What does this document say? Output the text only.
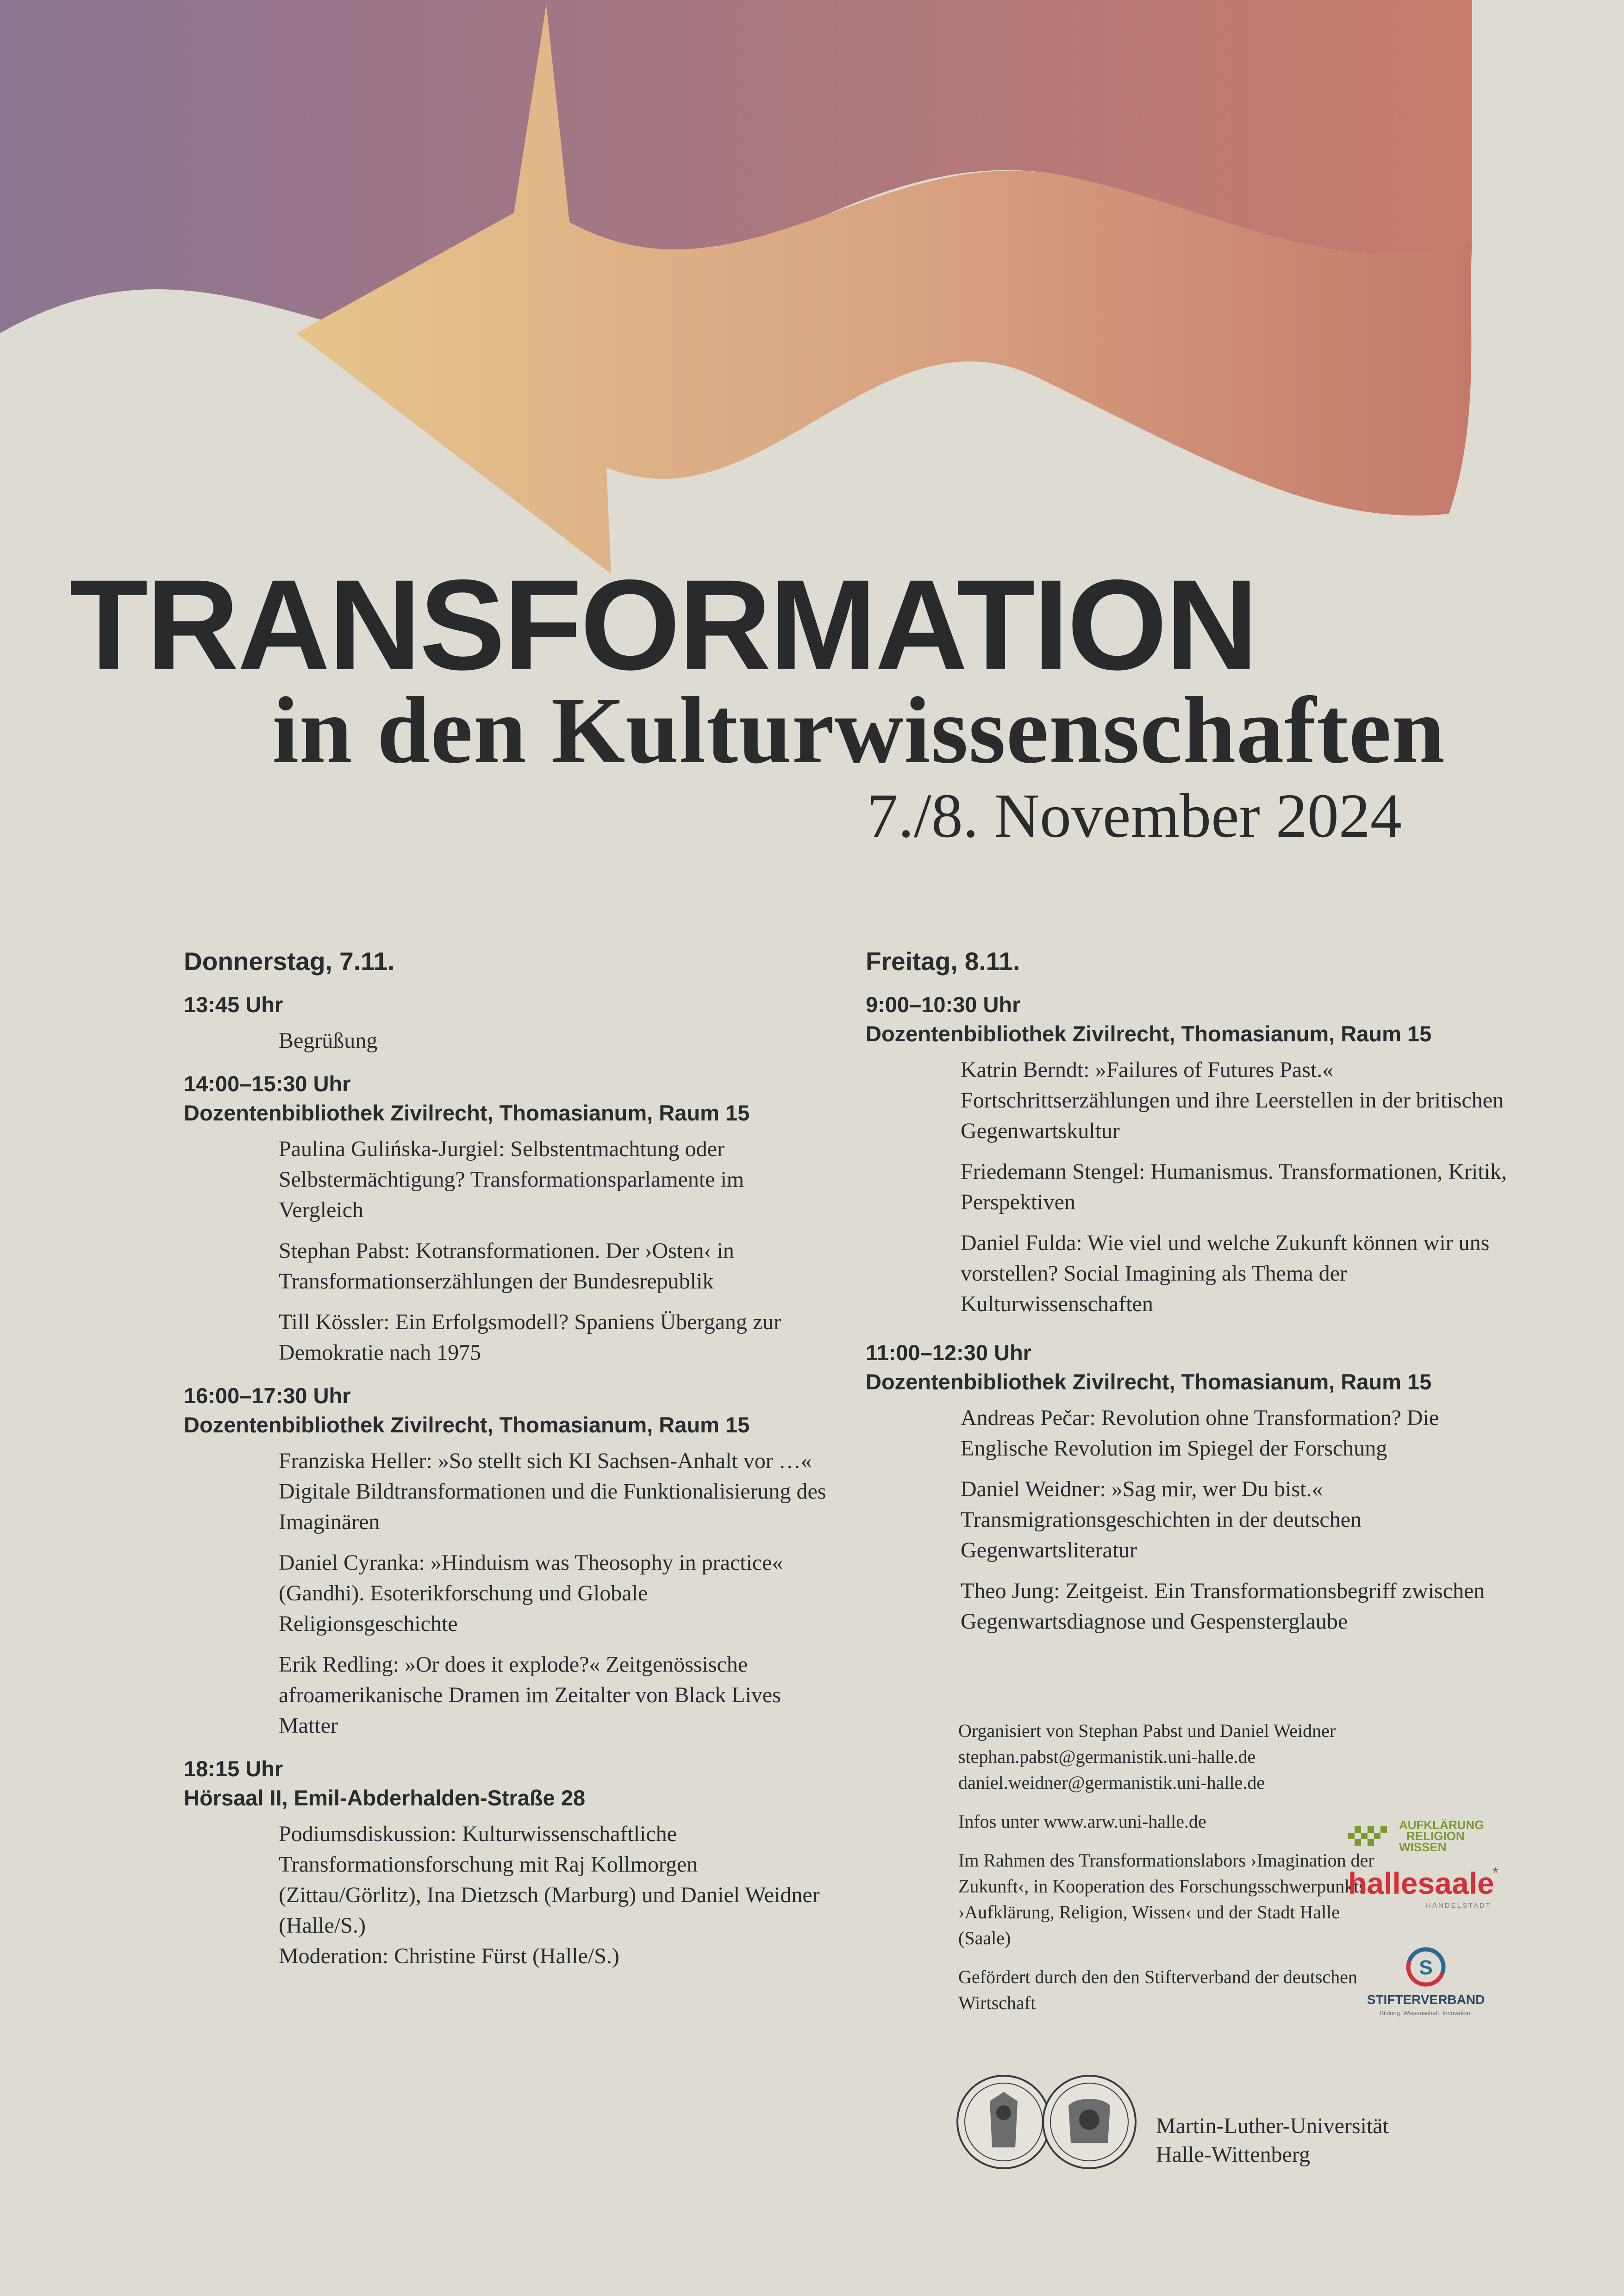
TRANSFORMATION
in den Kulturwissenschaften
7./8. November 2024
Donnerstag, 7.11.
13:45 Uhr
Begrüßung
14:00–15:30 Uhr
Dozentenbibliothek Zivilrecht, Thomasianum, Raum 15
Paulina Gulińska-Jurgiel: Selbstentmachtung oder Selbstermächtigung? Transformationsparlamente im Vergleich
Stephan Pabst: Kotransformationen. Der ›Osten‹ in Transformationserzählungen der Bundesrepublik
Till Kössler: Ein Erfolgsmodell? Spaniens Übergang zur Demokratie nach 1975
16:00–17:30 Uhr
Dozentenbibliothek Zivilrecht, Thomasianum, Raum 15
Franziska Heller: »So stellt sich KI Sachsen-Anhalt vor …« Digitale Bildtransformationen und die Funktionalisierung des Imaginären
Daniel Cyranka: »Hinduism was Theosophy in practice« (Gandhi). Esoterikforschung und Globale Religionsgeschichte
Erik Redling: »Or does it explode?« Zeitgenössische afroamerikanische Dramen im Zeitalter von Black Lives Matter
18:15 Uhr
Hörsaal II, Emil-Abderhalden-Straße 28
Podiumsdiskussion: Kulturwissenschaftliche Transformationsforschung mit Raj Kollmorgen (Zittau/Görlitz), Ina Dietzsch (Marburg) und Daniel Weidner (Halle/S.)
Moderation: Christine Fürst (Halle/S.)
Freitag, 8.11.
9:00–10:30 Uhr
Dozentenbibliothek Zivilrecht, Thomasianum, Raum 15
Katrin Berndt: »Failures of Futures Past.« Fortschrittserzählungen und ihre Leerstellen in der britischen Gegenwartskultur
Friedemann Stengel: Humanismus. Transformationen, Kritik, Perspektiven
Daniel Fulda: Wie viel und welche Zukunft können wir uns vorstellen? Social Imagining als Thema der Kulturwissenschaften
11:00–12:30 Uhr
Dozentenbibliothek Zivilrecht, Thomasianum, Raum 15
Andreas Pečar: Revolution ohne Transformation? Die Englische Revolution im Spiegel der Forschung
Daniel Weidner: »Sag mir, wer Du bist.« Transmigrationsgeschichten in der deutschen Gegenwartsliteratur
Theo Jung: Zeitgeist. Ein Transformationsbegriff zwischen Gegenwartsdiagnose und Gespensterglaube

Organisiert von Stephan Pabst und Daniel Weidner
stephan.pabst@germanistik.uni-halle.de
daniel.weidner@germanistik.uni-halle.de

Infos unter www.arw.uni-halle.de

Im Rahmen des Transformationslabors ›Imagination der Zukunft‹, in Kooperation des Forschungsschwerpunkts ›Aufklärung, Religion, Wissen‹ und der Stadt Halle (Saale)

Gefördert durch den den Stifterverband der deutschen Wirtschaft

AUFKLÄRUNG
RELIGION
WISSEN
hallesaale
*
HÄNDELSTADT
S
STIFTERVERBAND
Bildung. Wissenschaft. Innovation.
Martin-Luther-Universität
Halle-Wittenberg
